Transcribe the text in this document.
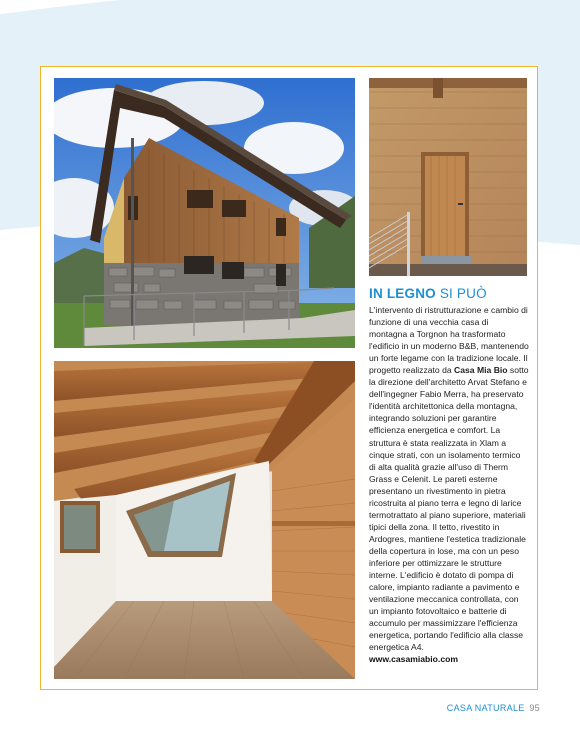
IN LEGNO SI PUÒ

L'intervento di ristrutturazione e cambio di funzione di una vecchia casa di montagna a Torgnon ha trasformato l'edificio in un moderno B&B, mantenendo un forte legame con la tradizione locale. Il progetto realizzato da Casa Mia Bio sotto la direzione dell'architetto Arvat Stefano e dell'ingegner Fabio Merra, ha preservato l'identità architettonica della montagna, integrando soluzioni per garantire efficienza energetica e comfort. La struttura è stata realizzata in Xlam a cinque strati, con un isolamento termico di alta qualità grazie all'uso di Therm Grass e Celenit. Le pareti esterne presentano un rivestimento in pietra ricostruita al piano terra e legno di larice termotrattato al piano superiore, materiali tipici della zona. Il tetto, rivestito in Ardogres, mantiene l'estetica tradizionale della copertura in lose, ma con un peso inferiore per ottimizzare le strutture interne. L'edificio è dotato di pompa di calore, impianto radiante a pavimento e ventilazione meccanica controllata, con un impianto fotovoltaico e batterie di accumulo per massimizzare l'efficienza energetica, portando l'edificio alla classe energetica A4.

www.casamiabio.com
CASA NATURALE 95
